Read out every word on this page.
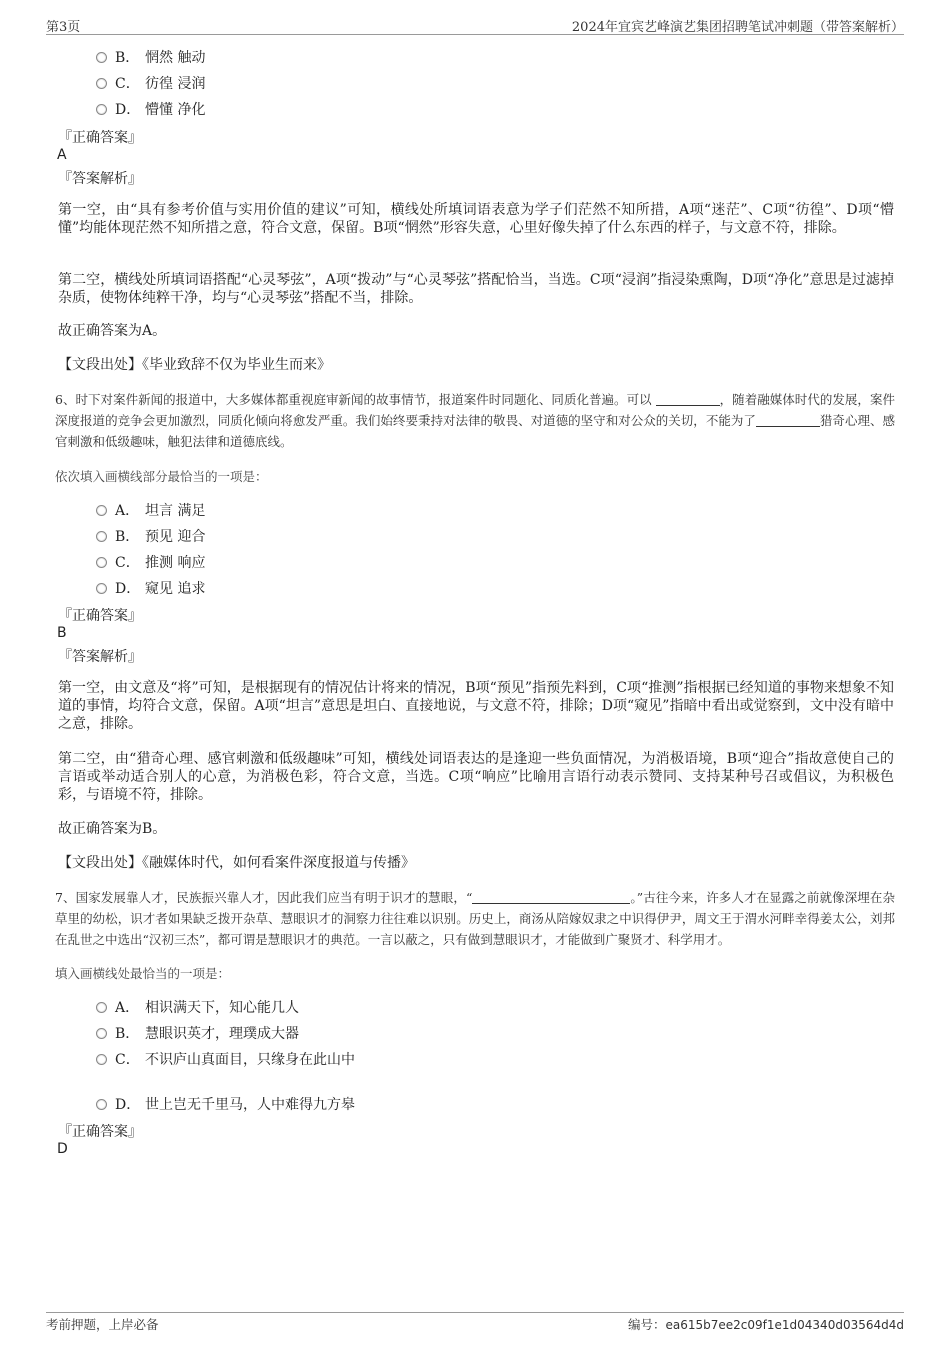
第3页	2024年宜宾艺峰演艺集团招聘笔试冲刺题（带答案解析）
B． 惘然 触动
C． 彷徨 浸润
D． 懵懂 净化
『正确答案』
A
『答案解析』
第一空，由“具有参考价值与实用价值的建议”可知，横线处所填词语表意为学子们茫然不知所措，A项“迷茫”、C项“彷徨”、D项“懵懂”均能体现茫然不知所措之意，符合文意，保留。B项“惘然”形容失意，心里好像失掉了什么东西的样子，与文意不符，排除。
第二空，横线处所填词语搭配“心灵琴弦”，A项“拨动”与“心灵琴弦”搭配恰当，当选。C项“浸润”指浸染熏陶，D项“净化”意思是过滤掉杂质，使物体纯粹干净，均与“心灵琴弦”搭配不当，排除。
故正确答案为A。
【文段出处】《毕业致辞不仅为毕业生而来》
6、时下对案件新闻的报道中，大多媒体都重视庭审新闻的故事情节，报道案件时同题化、同质化普遍。可以	，随着融媒体时代的发展，案件深度报道的竞争会更加激烈，同质化倾向将愈发严重。我们始终要秉持对法律的敬畏、对道德的坚守和对公众的关切，不能为了	猎奇心理、感官刺激和低级趣味，触犯法律和道德底线。
依次填入画横线部分最恰当的一项是：
A． 坦言 满足
B． 预见 迎合
C． 推测 响应
D． 窥见 追求
『正确答案』
B
『答案解析』
第一空，由文意及“将”可知，是根据现有的情况估计将来的情况，B项“预见”指预先料到，C项“推测”指根据已经知道的事物来想象不知道的事情，均符合文意，保留。A项“坦言”意思是坦白、直接地说，与文意不符，排除；D项“窥见”指暗中看出或觉察到，文中没有暗中之意，排除。
第二空，由“猎奇心理、感官刺激和低级趣味”可知，横线处词语表达的是逢迎一些负面情况，为消极语境，B项“迎合”指故意使自己的言语或举动适合别人的心意，为消极色彩，符合文意，当选。C项“响应”比喻用言语行动表示赞同、支持某种号召或倡议，为积极色彩，与语境不符，排除。
故正确答案为B。
【文段出处】《融媒体时代，如何看案件深度报道与传播》
7、国家发展靠人才，民族振兴靠人才，因此我们应当有明于识才的慧眼，“	。”古往今来，许多人才在显露之前就像深埋在杂草里的幼松，识才者如果缺乏拨开杂草、慧眼识才的洞察力往往难以识别。历史上，商汤从陪嫁奴隶之中识得伊尹，周文王于渭水河畔幸得姜太公，刘邦在乱世之中选出“汉初三杰”，都可谓是慧眼识才的典范。一言以蔽之，只有做到慧眼识才，才能做到广聚贤才、科学用才。
填入画横线处最恰当的一项是：
A． 相识满天下，知心能几人
B． 慧眼识英才，理璞成大器
C． 不识庐山真面目，只缘身在此山中
D． 世上岂无千里马，人中难得九方皋
『正确答案』
D
考前押题，上岸必备	编号：ea615b7ee2c09f1e1d04340d03564d4d
